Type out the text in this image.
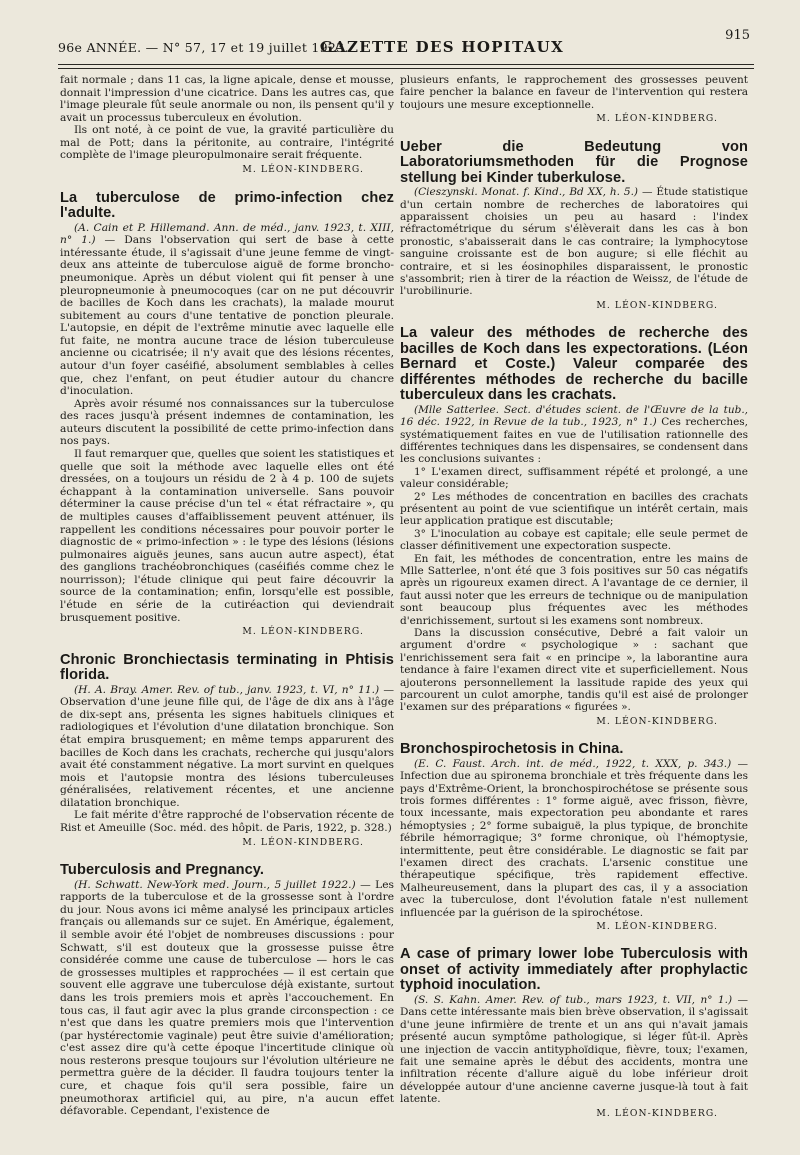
96e ANNÉE. — N° 57, 17 et 19 juillet 1923.
GAZETTE DES HOPITAUX
915

fait normale ; dans 11 cas, la ligne apicale, dense et mousse, donnait l'impression d'une cicatrice. Dans les autres cas, que l'image pleurale fût seule anormale ou non, ils pensent qu'il y avait un processus tuberculeux en évolution.

Ils ont noté, à ce point de vue, la gravité particulière du mal de Pott; dans la péritonite, au contraire, l'intégrité complète de l'image pleuropulmonaire serait fréquente.

M. LÉON-KINDBERG.
La tuberculose de primo-infection chez l'adulte.

(A. Cain et P. Hillemand. Ann. de méd., janv. 1923, t. XIII, n° 1.) — Dans l'observation qui sert de base à cette intéressante étude, il s'agissait d'une jeune femme de vingt-deux ans atteinte de tuberculose aiguë de forme broncho-pneumonique. Après un début violent qui fit penser à une pleuropneumonie à pneumocoques (car on ne put découvrir de bacilles de Koch dans les crachats), la malade mourut subitement au cours d'une tentative de ponction pleurale. L'autopsie, en dépit de l'extrême minutie avec laquelle elle fut faite, ne montra aucune trace de lésion tuberculeuse ancienne ou cicatrisée; il n'y avait que des lésions récentes, autour d'un foyer caséifié, absolument semblables à celles que, chez l'enfant, on peut étudier autour du chancre d'inoculation.

Après avoir résumé nos connaissances sur la tuberculose des races jusqu'à présent indemnes de contamination, les auteurs discutent la possibilité de cette primo-infection dans nos pays.

Il faut remarquer que, quelles que soient les statistiques et quelle que soit la méthode avec laquelle elles ont été dressées, on a toujours un résidu de 2 à 4 p. 100 de sujets échappant à la contamination universelle. Sans pouvoir déterminer la cause précise d'un tel « état réfractaire », qu de multiples causes d'affaiblissement peuvent atténuer, ils rappellent les conditions nécessaires pour pouvoir porter le diagnostic de « primo-infection » : le type des lésions (lésions pulmonaires aiguës jeunes, sans aucun autre aspect), état des ganglions trachéobronchiques (caséifiés comme chez le nourrisson); l'étude clinique qui peut faire découvrir la source de la contamination; enfin, lorsqu'elle est possible, l'étude en série de la cutiréaction qui deviendrait brusquement positive.

M. LÉON-KINDBERG.
Chronic Bronchiectasis terminating in Phtisis florida.

(H. A. Bray. Amer. Rev. of tub., janv. 1923, t. VI, n° 11.) — Observation d'une jeune fille qui, de l'âge de dix ans à l'âge de dix-sept ans, présenta les signes habituels cliniques et radiologiques et l'évolution d'une dilatation bronchique. Son état empira brusquement; en même temps apparurent des bacilles de Koch dans les crachats, recherche qui jusqu'alors avait été constamment négative. La mort survint en quelques mois et l'autopsie montra des lésions tuberculeuses généralisées, relativement récentes, et une ancienne dilatation bronchique.

Le fait mérite d'être rapproché de l'observation récente de Rist et Ameuille (Soc. méd. des hôpit. de Paris, 1922, p. 328.)

M. LÉON-KINDBERG.
Tuberculosis and Pregnancy.

(H. Schwatt. New-York med. Journ., 5 juillet 1922.) — Les rapports de la tuberculose et de la grossesse sont à l'ordre du jour. Nous avons ici même analysé les principaux articles français ou allemands sur ce sujet. En Amérique, également, il semble avoir été l'objet de nombreuses discussions : pour Schwatt, s'il est douteux que la grossesse puisse être considérée comme une cause de tuberculose — hors le cas de grossesses multiples et rapprochées — il est certain que souvent elle aggrave une tuberculose déjà existante, surtout dans les trois premiers mois et après l'accouchement. En tous cas, il faut agir avec la plus grande circonspection : ce n'est que dans les quatre premiers mois que l'intervention (par hystérectomie vaginale) peut être suivie d'amélioration; c'est assez dire qu'à cette époque l'incertitude clinique où nous resterons presque toujours sur l'évolution ultérieure ne permettra guère de la décider. Il faudra toujours tenter la cure, et chaque fois qu'il sera possible, faire un pneumothorax artificiel qui, au pire, n'a aucun effet défavorable. Cependant, l'existence de

plusieurs enfants, le rapprochement des grossesses peuvent faire pencher la balance en faveur de l'intervention qui restera toujours une mesure exceptionnelle.

M. LÉON-KINDBERG.
Ueber die Bedeutung von Laboratoriumsmethoden für die Prognose stellung bei Kinder tuberkulose.

(Cieszynski. Monat. f. Kind., Bd XX, h. 5.) — Étude statistique d'un certain nombre de recherches de laboratoires qui apparaissent choisies un peu au hasard : l'index réfractométrique du sérum s'élèverait dans les cas à bon pronostic, s'abaisserait dans le cas contraire; la lymphocytose sanguine croissante est de bon augure; si elle fléchit au contraire, et si les éosinophiles disparaissent, le pronostic s'assombrit; rien à tirer de la réaction de Weissz, de l'étude de l'urobilinurie.

M. LÉON-KINDBERG.
La valeur des méthodes de recherche des bacilles de Koch dans les expectorations. (Léon Bernard et Coste.) Valeur comparée des différentes méthodes de recherche du bacille tuberculeux dans les crachats.

(Mlle Satterlee. Sect. d'études scient. de l'Œuvre de la tub., 16 déc. 1922, in Revue de la tub., 1923, n° 1.) Ces recherches, systématiquement faites en vue de l'utilisation rationnelle des différentes techniques dans les dispensaires, se condensent dans les conclusions suivantes :

1° L'examen direct, suffisamment répété et prolongé, a une valeur considérable;

2° Les méthodes de concentration en bacilles des crachats présentent au point de vue scientifique un intérêt certain, mais leur application pratique est discutable;

3° L'inoculation au cobaye est capitale; elle seule permet de classer définitivement une expectoration suspecte.

En fait, les méthodes de concentration, entre les mains de Mlle Satterlee, n'ont été que 3 fois positives sur 50 cas négatifs après un rigoureux examen direct. A l'avantage de ce dernier, il faut aussi noter que les erreurs de technique ou de manipulation sont beaucoup plus fréquentes avec les méthodes d'enrichissement, surtout si les examens sont nombreux.

Dans la discussion consécutive, Debré a fait valoir un argument d'ordre « psychologique » : sachant que l'enrichissement sera fait « en principe », la laborantine aura tendance à faire l'examen direct vite et superficiellement. Nous ajouterons personnellement la lassitude rapide des yeux qui parcourent un culot amorphe, tandis qu'il est aisé de prolonger l'examen sur des préparations « figurées ».

M. LÉON-KINDBERG.
Bronchospirochetosis in China.

(E. C. Faust. Arch. int. de méd., 1922, t. XXX, p. 343.) — Infection due au spironema bronchiale et très fréquente dans les pays d'Extrême-Orient, la bronchospirochétose se présente sous trois formes différentes : 1° forme aiguë, avec frisson, fièvre, toux incessante, mais expectoration peu abondante et rares hémoptysies ; 2° forme subaiguë, la plus typique, de bronchite fébrile hémorragique; 3° forme chronique, où l'hémoptysie, intermittente, peut être considérable. Le diagnostic se fait par l'examen direct des crachats. L'arsenic constitue une thérapeutique spécifique, très rapidement effective. Malheureusement, dans la plupart des cas, il y a association avec la tuberculose, dont l'évolution fatale n'est nullement influencée par la guérison de la spirochétose.

M. LÉON-KINDBERG.
A case of primary lower lobe Tuberculosis with onset of activity immediately after prophylactic typhoid inoculation.

(S. S. Kahn. Amer. Rev. of tub., mars 1923, t. VII, n° 1.) — Dans cette intéressante mais bien brève observation, il s'agissait d'une jeune infirmière de trente et un ans qui n'avait jamais présenté aucun symptôme pathologique, si léger fût-il. Après une injection de vaccin antityphoïdique, fièvre, toux; l'examen, fait une semaine après le début des accidents, montra une infiltration récente d'allure aiguë du lobe inférieur droit développée autour d'une ancienne caverne jusque-là tout à fait latente.

M. LÉON-KINDBERG.
